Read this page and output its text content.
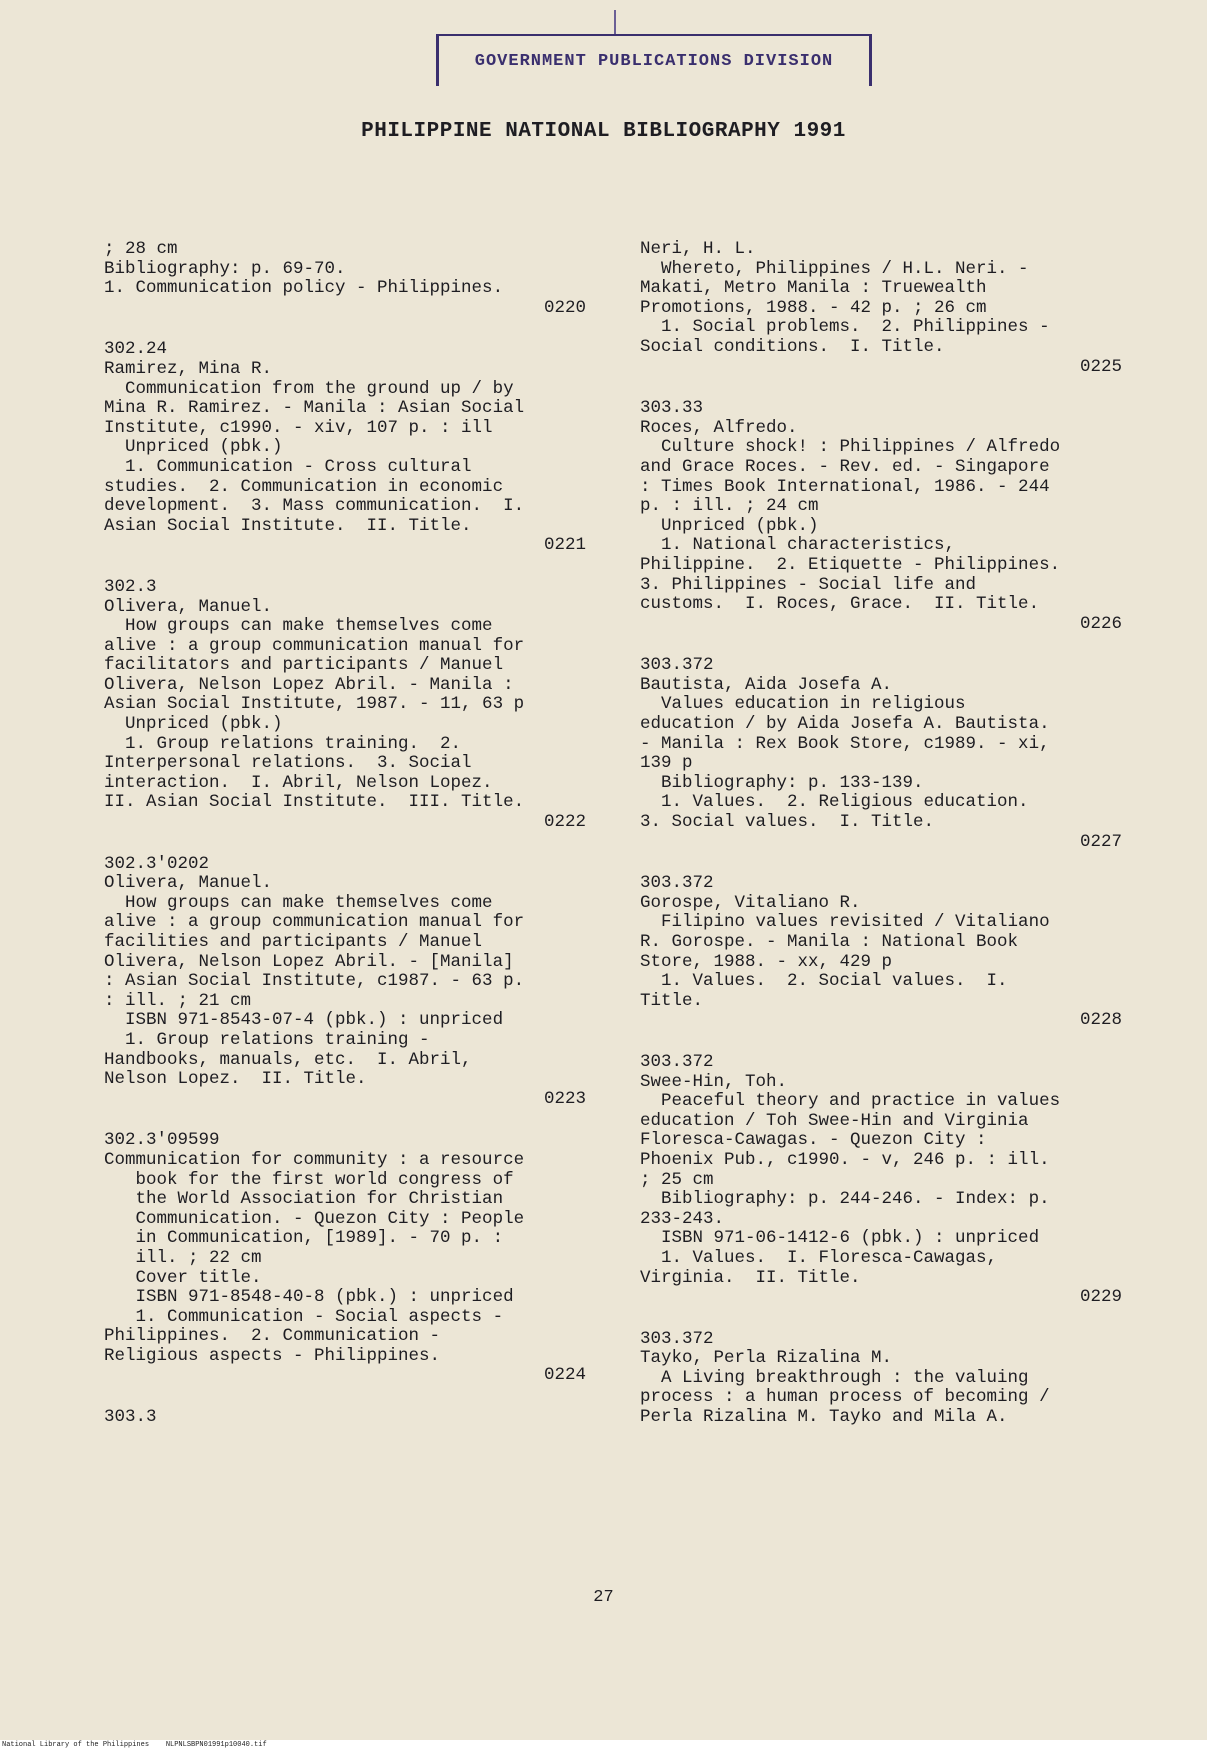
GOVERNMENT PUBLICATIONS DIVISION
PHILIPPINE NATIONAL BIBLIOGRAPHY 1991
; 28 cm
Bibliography: p. 69-70.
1. Communication policy - Philippines.
0220
302.24
Ramirez, Mina R.
Communication from the ground up / by
Mina R. Ramirez. - Manila : Asian Social
Institute, c1990. - xiv, 107 p. : ill
Unpriced (pbk.)
1. Communication - Cross cultural
studies.  2. Communication in economic
development.  3. Mass communication.  I.
Asian Social Institute.  II. Title.
0221
302.3
Olivera, Manuel.
How groups can make themselves come
alive : a group communication manual for
facilitators and participants / Manuel
Olivera, Nelson Lopez Abril. - Manila :
Asian Social Institute, 1987. - 11, 63 p
Unpriced (pbk.)
1. Group relations training.  2.
Interpersonal relations.  3. Social
interaction.  I. Abril, Nelson Lopez.
II. Asian Social Institute.  III. Title.
0222
302.3'0202
Olivera, Manuel.
How groups can make themselves come
alive : a group communication manual for
facilities and participants / Manuel
Olivera, Nelson Lopez Abril. - [Manila]
: Asian Social Institute, c1987. - 63 p.
: ill. ; 21 cm
ISBN 971-8543-07-4 (pbk.) : unpriced
1. Group relations training -
Handbooks, manuals, etc.  I. Abril,
Nelson Lopez.  II. Title.
0223
302.3'09599
Communication for community : a resource
book for the first world congress of
the World Association for Christian
Communication. - Quezon City : People
in Communication, [1989]. - 70 p. :
ill. ; 22 cm
Cover title.
ISBN 971-8548-40-8 (pbk.) : unpriced
1. Communication - Social aspects -
Philippines.  2. Communication -
Religious aspects - Philippines.
0224
303.3
Neri, H. L.
Whereto, Philippines / H.L. Neri. -
Makati, Metro Manila : Truewealth
Promotions, 1988. - 42 p. ; 26 cm
1. Social problems.  2. Philippines -
Social conditions.  I. Title.
0225
303.33
Roces, Alfredo.
Culture shock! : Philippines / Alfredo
and Grace Roces. - Rev. ed. - Singapore
: Times Book International, 1986. - 244
p. : ill. ; 24 cm
Unpriced (pbk.)
1. National characteristics,
Philippine.  2. Etiquette - Philippines.
3. Philippines - Social life and
customs.  I. Roces, Grace.  II. Title.
0226
303.372
Bautista, Aida Josefa A.
Values education in religious
education / by Aida Josefa A. Bautista.
- Manila : Rex Book Store, c1989. - xi,
139 p
Bibliography: p. 133-139.
1. Values.  2. Religious education.
3. Social values.  I. Title.
0227
303.372
Gorospe, Vitaliano R.
Filipino values revisited / Vitaliano
R. Gorospe. - Manila : National Book
Store, 1988. - xx, 429 p
1. Values.  2. Social values.  I.
Title.
0228
303.372
Swee-Hin, Toh.
Peaceful theory and practice in values
education / Toh Swee-Hin and Virginia
Floresca-Cawagas. - Quezon City :
Phoenix Pub., c1990. - v, 246 p. : ill.
; 25 cm
Bibliography: p. 244-246. - Index: p.
233-243.
ISBN 971-06-1412-6 (pbk.) : unpriced
1. Values.  I. Floresca-Cawagas,
Virginia.  II. Title.
0229
303.372
Tayko, Perla Rizalina M.
A Living breakthrough : the valuing
process : a human process of becoming /
Perla Rizalina M. Tayko and Mila A.
27
National Library of the Philippines    NLPNLSBPN01991p10040.tif
